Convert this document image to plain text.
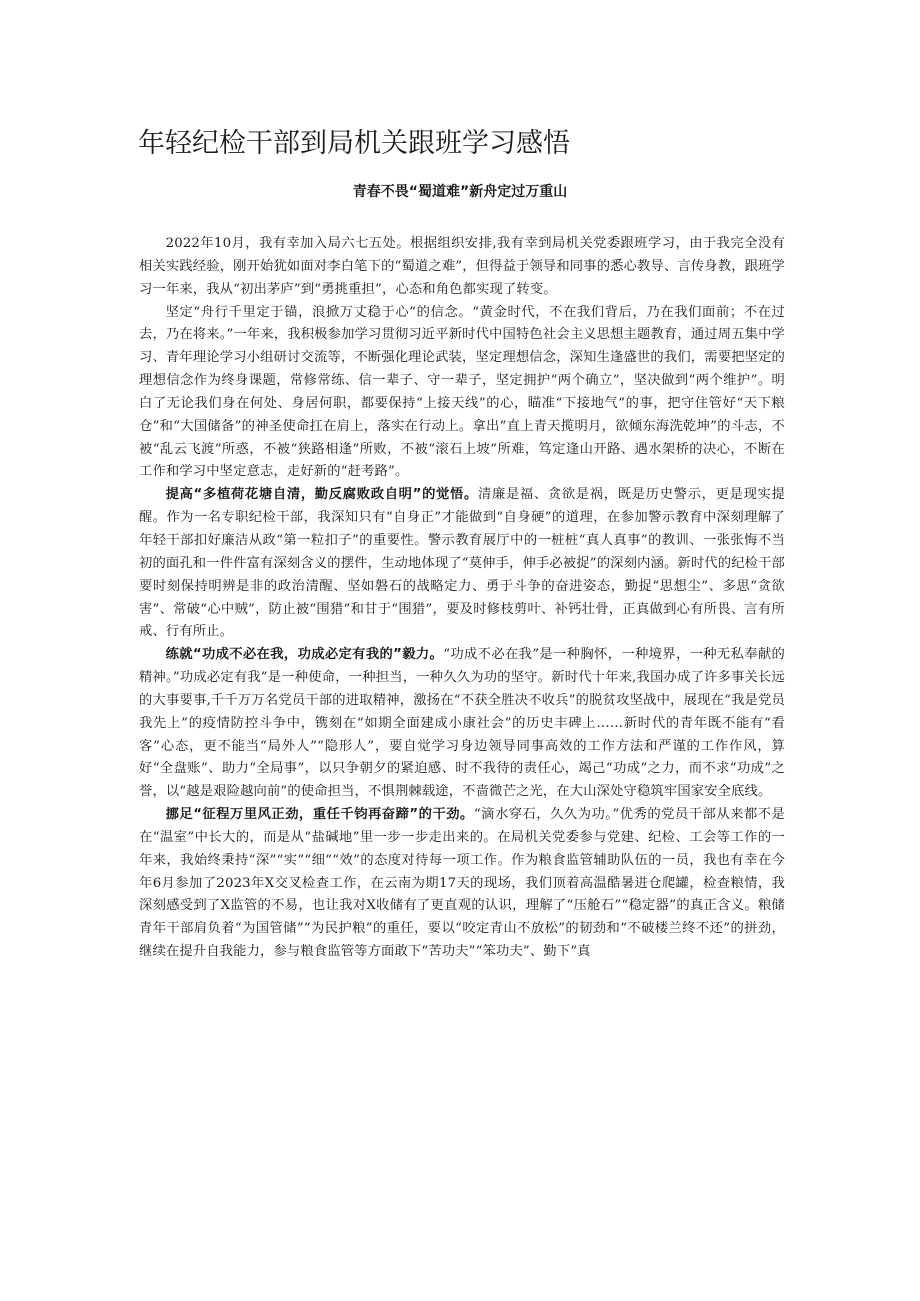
年轻纪检干部到局机关跟班学习感悟
青春不畏“蜀道难”新舟定过万重山

2022年10月，我有幸加入局六七五处。根据组织安排,我有幸到局机关党委跟班学习，由于我完全没有相关实践经验，刚开始犹如面对李白笔下的“蜀道之难”，但得益于领导和同事的悉心教导、言传身教，跟班学习一年来，我从“初出茅庐”到“勇挑重担”，心态和角色都实现了转变。

坚定“舟行千里定于锚，浪掀万丈稳于心”的信念。“黄金时代，不在我们背后，乃在我们面前；不在过去，乃在将来。”一年来，我积极参加学习贯彻习近平新时代中国特色社会主义思想主题教育，通过周五集中学习、青年理论学习小组研讨交流等，不断强化理论武装，坚定理想信念，深知生逢盛世的我们，需要把坚定的理想信念作为终身课题，常修常练、信一辈子、守一辈子，坚定拥护“两个确立”，坚决做到“两个维护”。明白了无论我们身在何处、身居何职，都要保持“上接天线”的心，瞄准“下接地气”的事，把守住管好“天下粮仓”和“大国储备”的神圣使命扛在肩上，落实在行动上。拿出“直上青天揽明月，欲倾东海洗乾坤”的斗志，不被“乱云飞渡”所惑，不被“狭路相逢”所败，不被“滚石上坡”所难，笃定逢山开路、遇水架桥的决心，不断在工作和学习中坚定意志，走好新的“赶考路”。

提高“多植荷花塘自清，勤反腐败政自明”的觉悟。清廉是福、贪欲是祸，既是历史警示，更是现实提醒。作为一名专职纪检干部，我深知只有“自身正”才能做到“自身硬”的道理，在参加警示教育中深刻理解了年轻干部扣好廉洁从政“第一粒扣子”的重要性。警示教育展厅中的一桩桩“真人真事”的教训、一张张悔不当初的面孔和一件件富有深刻含义的摆件，生动地体现了“莫伸手，伸手必被捉”的深刻内涵。新时代的纪检干部要时刻保持明辨是非的政治清醒、坚如磐石的战略定力、勇于斗争的奋进姿态，勤捉“思想尘”、多思“贪欲害”、常破“心中贼”，防止被“围猎”和甘于“围猎”，要及时修枝剪叶、补钙壮骨，正真做到心有所畏、言有所戒、行有所止。

练就“功成不必在我，功成必定有我的”毅力。“功成不必在我”是一种胸怀，一种境界，一种无私奉献的精神。”功成必定有我”是一种使命，一种担当，一种久久为功的坚守。新时代十年来,我国办成了许多事关长远的大事要事,千千万万名党员干部的进取精神，激扬在“不获全胜决不收兵”的脱贫攻坚战中，展现在“我是党员我先上”的疫情防控斗争中，镌刻在“如期全面建成小康社会”的历史丰碑上……新时代的青年既不能有“看客”心态，更不能当“局外人”“隐形人”，要自觉学习身边领导同事高效的工作方法和严谨的工作作风，算好“全盘账”、助力“全局事”，以只争朝夕的紧迫感、时不我待的责任心，竭己“功成”之力，而不求“功成”之誉，以“越是艰险越向前”的使命担当，不惧荆棘载途，不啬微芒之光，在大山深处守稳筑牢国家安全底线。

挪足“征程万里风正劲，重任千钧再奋蹄”的干劲。“滴水穿石，久久为功。”优秀的党员干部从来都不是在“温室”中长大的，而是从“盐碱地”里一步一步走出来的。在局机关党委参与党建、纪检、工会等工作的一年来，我始终秉持“深”“实”“细”“效”的态度对待每一项工作。作为粮食监管辅助队伍的一员，我也有幸在今年6月参加了2023年X交叉检查工作，在云南为期17天的现场，我们顶着高温酷暑进仓爬罐，检查粮情，我深刻感受到了X监管的不易，也让我对X收储有了更直观的认识，理解了“压舱石”“稳定器”的真正含义。粮储青年干部肩负着“为国管储”“为民护粮”的重任，要以“咬定青山不放松”的韧劲和“不破楼兰终不还”的拼劲，继续在提升自我能力，参与粮食监管等方面敢下“苦功夫”“笨功夫”、勤下“真
